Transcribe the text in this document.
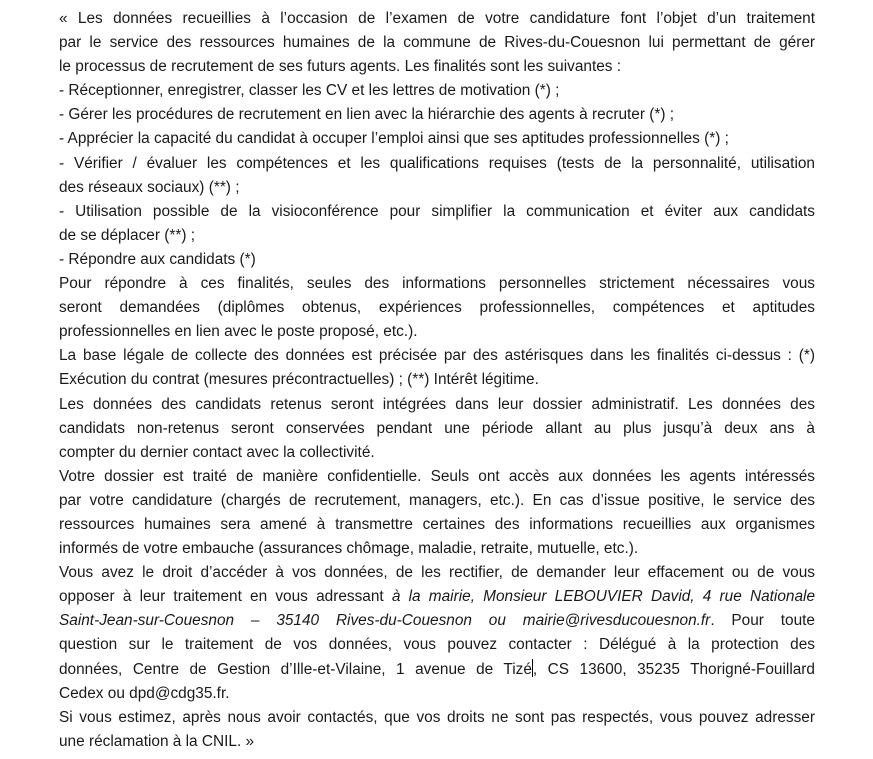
« Les données recueillies à l’occasion de l’examen de votre candidature font l’objet d’un traitement
par le service des ressources humaines de la commune de Rives-du-Couesnon lui permettant de gérer
le processus de recrutement de ses futurs agents. Les finalités sont les suivantes :
- Réceptionner, enregistrer, classer les CV et les lettres de motivation (*) ;
- Gérer les procédures de recrutement en lien avec la hiérarchie des agents à recruter (*) ;
- Apprécier la capacité du candidat à occuper l’emploi ainsi que ses aptitudes professionnelles (*) ;
- Vérifier / évaluer les compétences et les qualifications requises (tests de la personnalité, utilisation
des réseaux sociaux) (**) ;
- Utilisation possible de la visioconférence pour simplifier la communication et éviter aux candidats
de se déplacer (**) ;
- Répondre aux candidats (*)
Pour répondre à ces finalités, seules des informations personnelles strictement nécessaires vous
seront demandées (diplômes obtenus, expériences professionnelles, compétences et aptitudes
professionnelles en lien avec le poste proposé, etc.).
La base légale de collecte des données est précisée par des astérisques dans les finalités ci-dessus : (*)
Exécution du contrat (mesures précontractuelles) ; (**) Intérêt légitime.
Les données des candidats retenus seront intégrées dans leur dossier administratif. Les données des
candidats non-retenus seront conservées pendant une période allant au plus jusqu’à deux ans à
compter du dernier contact avec la collectivité.
Votre dossier est traité de manière confidentielle. Seuls ont accès aux données les agents intéressés
par votre candidature (chargés de recrutement, managers, etc.). En cas d’issue positive, le service des
ressources humaines sera amené à transmettre certaines des informations recueillies aux organismes
informés de votre embauche (assurances chômage, maladie, retraite, mutuelle, etc.).
Vous avez le droit d’accéder à vos données, de les rectifier, de demander leur effacement ou de vous
opposer à leur traitement en vous adressant à la mairie, Monsieur LEBOUVIER David, 4 rue Nationale
Saint-Jean-sur-Couesnon – 35140 Rives-du-Couesnon ou mairie@rivesducouesnon.fr. Pour toute
question sur le traitement de vos données, vous pouvez contacter : Délégué à la protection des
données, Centre de Gestion d’Ille-et-Vilaine, 1 avenue de Tizé, CS 13600, 35235 Thorigné-Fouillard
Cedex ou dpd@cdg35.fr.
Si vous estimez, après nous avoir contactés, que vos droits ne sont pas respectés, vous pouvez adresser
une réclamation à la CNIL. »
